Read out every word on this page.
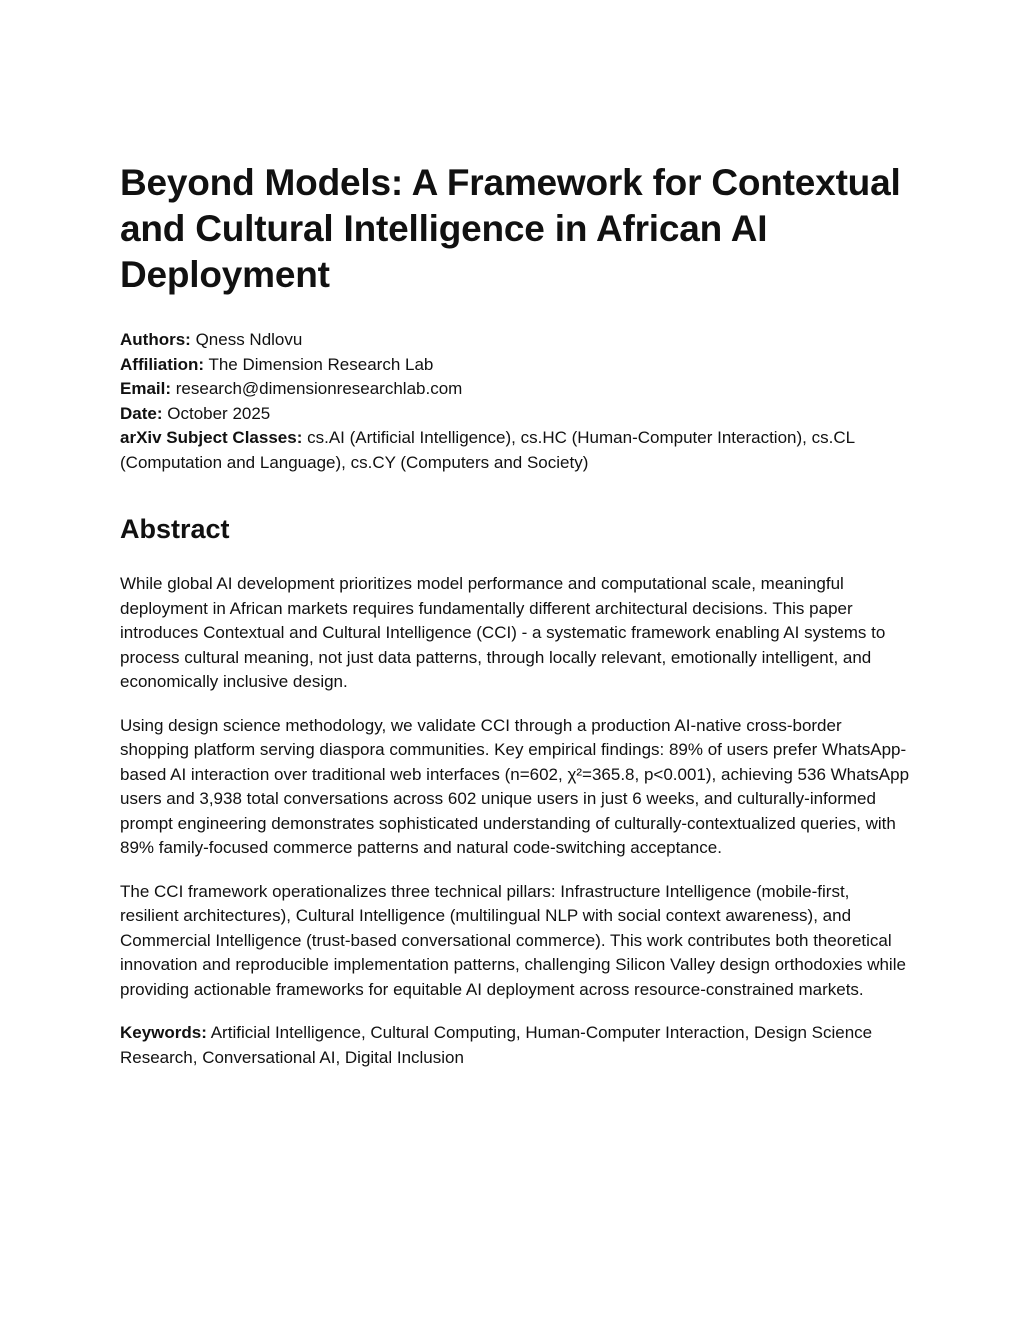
Beyond Models: A Framework for Contextual and Cultural Intelligence in African AI Deployment
Authors: Qness Ndlovu
Affiliation: The Dimension Research Lab
Email: research@dimensionresearchlab.com
Date: October 2025
arXiv Subject Classes: cs.AI (Artificial Intelligence), cs.HC (Human-Computer Interaction), cs.CL (Computation and Language), cs.CY (Computers and Society)
Abstract

While global AI development prioritizes model performance and computational scale, meaningful deployment in African markets requires fundamentally different architectural decisions. This paper introduces Contextual and Cultural Intelligence (CCI) - a systematic framework enabling AI systems to process cultural meaning, not just data patterns, through locally relevant, emotionally intelligent, and economically inclusive design.

Using design science methodology, we validate CCI through a production AI-native cross-border shopping platform serving diaspora communities. Key empirical findings: 89% of users prefer WhatsApp-based AI interaction over traditional web interfaces (n=602, χ²=365.8, p<0.001), achieving 536 WhatsApp users and 3,938 total conversations across 602 unique users in just 6 weeks, and culturally-informed prompt engineering demonstrates sophisticated understanding of culturally-contextualized queries, with 89% family-focused commerce patterns and natural code-switching acceptance.

The CCI framework operationalizes three technical pillars: Infrastructure Intelligence (mobile-first, resilient architectures), Cultural Intelligence (multilingual NLP with social context awareness), and Commercial Intelligence (trust-based conversational commerce). This work contributes both theoretical innovation and reproducible implementation patterns, challenging Silicon Valley design orthodoxies while providing actionable frameworks for equitable AI deployment across resource-constrained markets.

Keywords: Artificial Intelligence, Cultural Computing, Human-Computer Interaction, Design Science Research, Conversational AI, Digital Inclusion
